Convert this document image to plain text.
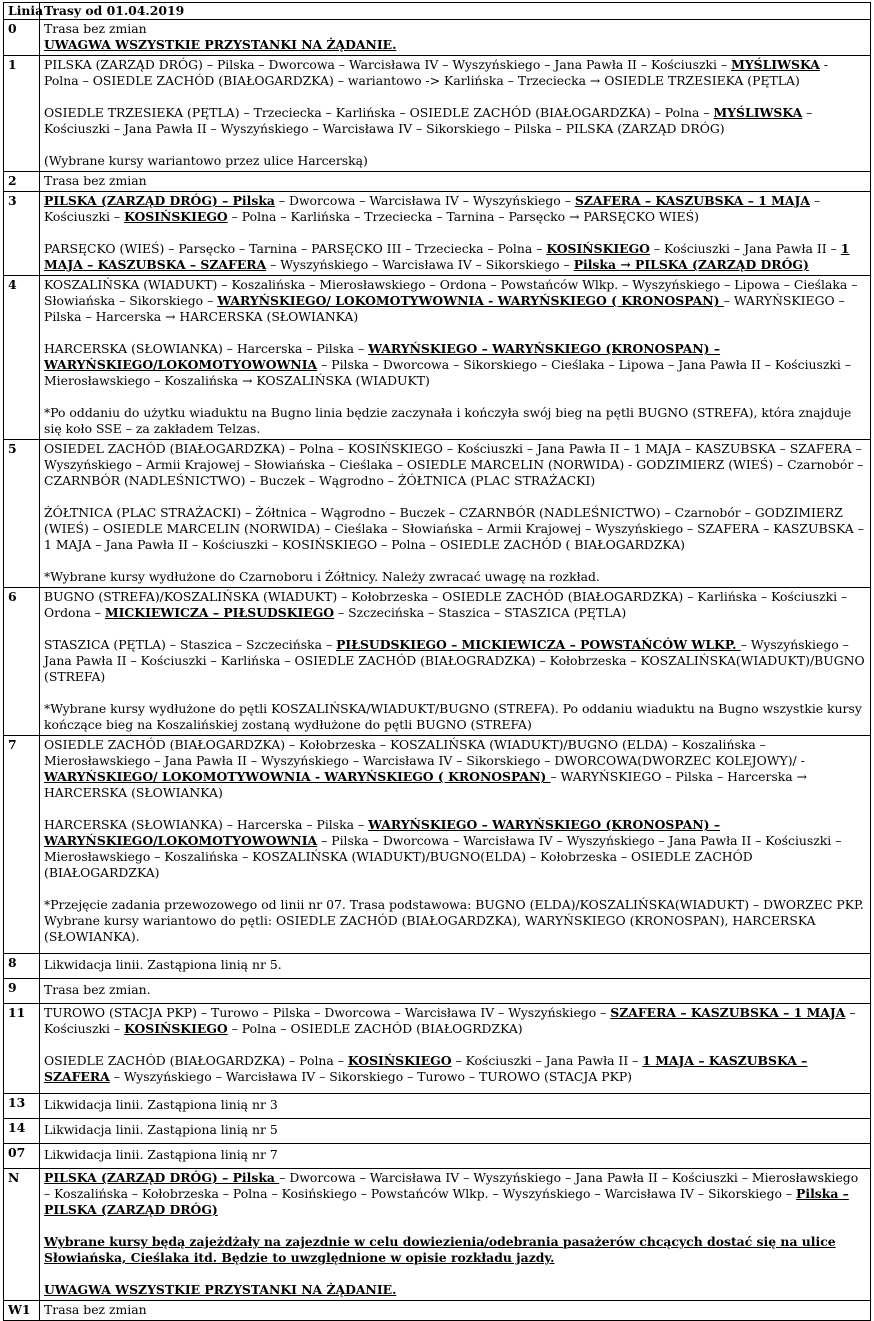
Linia	Trasy od 01.04.2019
0	Trasa bez zmian
UWAGWA WSZYSTKIE PRZYSTANKI NA ŻĄDANIE.

1	PILSKA (ZARZĄD DRÓG) – Pilska – Dworcowa – Warcisława IV – Wyszyńskiego – Jana Pawła II – Kościuszki – MYŚLIWSKA - Polna – OSIEDLE ZACHÓD (BIAŁOGARDZKA) – wariantowo -> Karlińska – Trzeciecka → OSIEDLE TRZESIEKA (PĘTLA)
OSIEDLE TRZESIEKA (PĘTLA) – Trzeciecka – Karlińska – OSIEDLE ZACHÓD (BIAŁOGARDZKA) – Polna – MYŚLIWSKA – Kościuszki – Jana Pawła II – Wyszyńskiego – Warcisława IV – Sikorskiego – Pilska – PILSKA (ZARZĄD DRÓG)
(Wybrane kursy wariantowo przez ulice Harcerską)

2	Trasa bez zmian

3	PILSKA (ZARZĄD DRÓG) – Pilska – Dworcowa – Warcisława IV – Wyszyńskiego – SZAFERA – KASZUBSKA – 1 MAJA – Kościuszki – KOSIŃSKIEGO – Polna – Karlińska – Trzeciecka – Tarnina – Parsęcko → PARSĘCKO WIEŚ)
PARSĘCKO (WIEŚ) – Parsęcko – Tarnina – PARSĘCKO III – Trzeciecka – Polna – KOSIŃSKIEGO – Kościuszki – Jana Pawła II – 1 MAJA – KASZUBSKA – SZAFERA – Wyszyńskiego – Warcisława IV – Sikorskiego – Pilska → PILSKA (ZARZĄD DRÓG)

4	KOSZALIŃSKA (WIADUKT) – Koszalińska – Mierosławskiego – Ordona – Powstańców Wlkp. – Wyszyńskiego – Lipowa – Cieślaka – Słowiańska – Sikorskiego – WARYŃSKIEGO/ LOKOMOTYWOWNIA - WARYŃSKIEGO ( KRONOSPAN) – WARYŃSKIEGO – Pilska – Harcerska → HARCERSKA (SŁOWIANKA)
HARCERSKA (SŁOWIANKA) – Harcerska – Pilska – WARYŃSKIEGO – WARYŃSKIEGO (KRONOSPAN) – WARYŃSKIEGO/LOKOMOTYOWOWNIA – Pilska – Dworcowa – Sikorskiego – Cieślaka – Lipowa – Jana Pawła II – Kościuszki – Mierosławskiego – Koszalińska → KOSZALIŃSKA (WIADUKT)
*Po oddaniu do użytku wiaduktu na Bugno linia będzie zaczynała i kończyła swój bieg na pętli BUGNO (STREFA), która znajduje się koło SSE – za zakładem Telzas.

5	OSIEDEL ZACHÓD (BIAŁOGARDZKA) – Polna – KOSIŃSKIEGO – Kościuszki – Jana Pawła II – 1 MAJA – KASZUBSKA – SZAFERA – Wyszyńskiego – Armii Krajowej – Słowiańska – Cieślaka – OSIEDLE MARCELIN (NORWIDA) - GODZIMIERZ (WIEŚ) – Czarnobór – CZARNBÓR (NADLEŚNICTWO) – Buczek – Wągrodno – ŻÓŁTNICA (PLAC STRAŻACKI)
ŻÓŁTNICA (PLAC STRAŻACKI) – Żółtnica – Wągrodno – Buczek – CZARNBÓR (NADLEŚNICTWO) – Czarnobór – GODZIMIERZ (WIEŚ) – OSIEDLE MARCELIN (NORWIDA) – Cieślaka – Słowiańska – Armii Krajowej – Wyszyńskiego – SZAFERA – KASZUBSKA – 1 MAJA – Jana Pawła II – Kościuszki – KOSIŃSKIEGO – Polna – OSIEDLE ZACHÓD ( BIAŁOGARDZKA)
*Wybrane kursy wydłużone do Czarnoboru i Żółtnicy. Należy zwracać uwagę na rozkład.

6	BUGNO (STREFA)/KOSZALIŃSKA (WIADUKT) – Kołobrzeska – OSIEDLE ZACHÓD (BIAŁOGARDZKA) – Karlińska – Kościuszki – Ordona – MICKIEWICZA – PIŁSUDSKIEGO – Szczecińska – Staszica – STASZICA (PĘTLA)
STASZICA (PĘTLA) – Staszica – Szczecińska – PIŁSUDSKIEGO – MICKIEWICZA – POWSTAŃCÓW WLKP. – Wyszyńskiego – Jana Pawła II – Kościuszki – Karlińska – OSIEDLE ZACHÓD (BIAŁOGRADZKA) – Kołobrzeska – KOSZALIŃSKA(WIADUKT)/BUGNO (STREFA)
*Wybrane kursy wydłużone do pętli KOSZALIŃSKA/WIADUKT/BUGNO (STREFA). Po oddaniu wiaduktu na Bugno wszystkie kursy kończące bieg na Koszalińskiej zostaną wydłużone do pętli BUGNO (STREFA)

7	OSIEDLE ZACHÓD (BIAŁOGARDZKA) – Kołobrzeska – KOSZALIŃSKA (WIADUKT)/BUGNO (ELDA) – Koszalińska – Mierosławskiego – Jana Pawła II – Wyszyńskiego – Warcisława IV – Sikorskiego – DWORCOWA(DWORZEC KOLEJOWY)/ - WARYŃSKIEGO/ LOKOMOTYWOWNIA - WARYŃSKIEGO ( KRONOSPAN) – WARYŃSKIEGO – Pilska – Harcerska → HARCERSKA (SŁOWIANKA)
HARCERSKA (SŁOWIANKA) – Harcerska – Pilska – WARYŃSKIEGO – WARYŃSKIEGO (KRONOSPAN) – WARYŃSKIEGO/LOKOMOTYOWOWNIA – Pilska – Dworcowa – Warcisława IV – Wyszyńskiego – Jana Pawła II – Kościuszki – Mierosławskiego – Koszalińska – KOSZALIŃSKA (WIADUKT)/BUGNO(ELDA) – Kołobrzeska – OSIEDLE ZACHÓD (BIAŁOGARDZKA)
*Przejęcie zadania przewozowego od linii nr 07. Trasa podstawowa: BUGNO (ELDA)/KOSZALIŃSKA(WIADUKT) – DWORZEC PKP. Wybrane kursy wariantowo do pętli: OSIEDLE ZACHÓD (BIAŁOGARDZKA), WARYŃSKIEGO (KRONOSPAN), HARCERSKA (SŁOWIANKA).

8	Likwidacja linii. Zastąpiona linią nr 5.

9	Trasa bez zmian.

11	TUROWO (STACJA PKP) – Turowo – Pilska – Dworcowa – Warcisława IV – Wyszyńskiego – SZAFERA – KASZUBSKA – 1 MAJA – Kościuszki – KOSIŃSKIEGO – Polna – OSIEDLE ZACHÓD (BIAŁOGRDZKA)
OSIEDLE ZACHÓD (BIAŁOGARDZKA) – Polna – KOSIŃSKIEGO – Kościuszki – Jana Pawła II – 1 MAJA – KASZUBSKA – SZAFERA – Wyszyńskiego – Warcisława IV – Sikorskiego – Turowo – TUROWO (STACJA PKP)

13	Likwidacja linii. Zastąpiona linią nr 3

14	Likwidacja linii. Zastąpiona linią nr 5

07	Likwidacja linii. Zastąpiona linią nr 7

N	PILSKA (ZARZĄD DRÓG) – Pilska – Dworcowa – Warcisława IV – Wyszyńskiego – Jana Pawła II – Kościuszki – Mierosławskiego – Koszalińska – Kołobrzeska – Polna – Kosińskiego – Powstańców Wlkp. – Wyszyńskiego – Warcisława IV – Sikorskiego – Pilska – PILSKA (ZARZĄD DRÓG)
Wybrane kursy będą zajeżdżały na zajezdnie w celu dowiezienia/odebrania pasażerów chcących dostać się na ulice Słowiańska, Cieślaka itd. Będzie to uwzględnione w opisie rozkładu jazdy.
UWAGWA WSZYSTKIE PRZYSTANKI NA ŻĄDANIE.

W1	Trasa bez zmian
